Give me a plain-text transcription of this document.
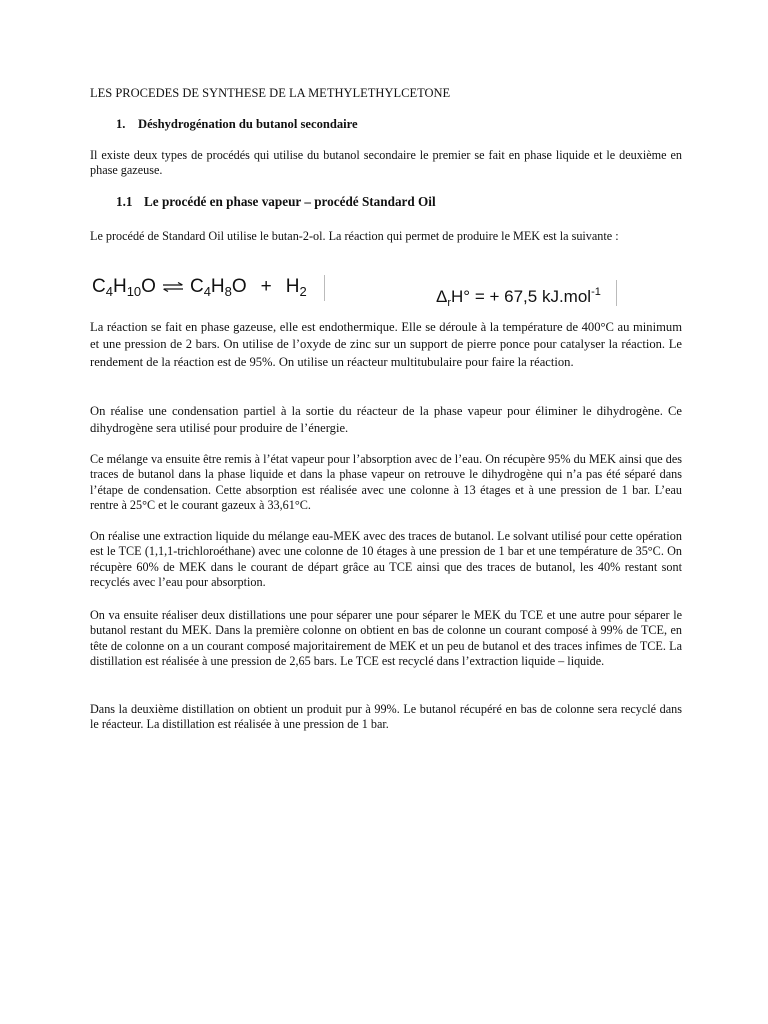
LES PROCEDES DE SYNTHESE DE LA METHYLETHYLCETONE

1. Déshydrogénation du butanol secondaire

Il existe deux types de procédés qui utilise du butanol secondaire le premier se fait en phase liquide et le deuxième en phase gazeuse.

1.1 Le procédé en phase vapeur – procédé Standard Oil

Le procédé de Standard Oil utilise le butan-2-ol. La réaction qui permet de produire le MEK est la suivante :

$C_4H_{10}O$ ⇌ $C_4H_8O + H_2$	$\Delta_rH^\circ$ = + 67,5 kJ.mol$^{-1}$

La réaction se fait en phase gazeuse, elle est endothermique. Elle se déroule à la température de 400°C au minimum et une pression de 2 bars. On utilise de l’oxyde de zinc sur un support de pierre ponce pour catalyser la réaction. Le rendement de la réaction est de 95%. On utilise un réacteur multitubulaire pour faire la réaction.

On réalise une condensation partiel à la sortie du réacteur de la phase vapeur pour éliminer le dihydrogène. Ce dihydrogène sera utilisé pour produire de l’énergie.

Ce mélange va ensuite être remis à l’état vapeur pour l’absorption avec de l’eau. On récupère 95% du MEK ainsi que des traces de butanol dans la phase liquide et dans la phase vapeur on retrouve le dihydrogène qui n’a pas été séparé dans l’étape de condensation. Cette absorption est réalisée avec une colonne à 13 étages et à une pression de 1 bar. L’eau rentre à 25°C et le courant gazeux à 33,61°C.

On réalise une extraction liquide du mélange eau-MEK avec des traces de butanol. Le solvant utilisé pour cette opération est le TCE (1,1,1-trichloroéthane) avec une colonne de 10 étages à une pression de 1 bar et une température de 35°C. On récupère 60% de MEK dans le courant de départ grâce au TCE ainsi que des traces de butanol, les 40% restant sont recyclés avec l’eau pour absorption.

On va ensuite réaliser deux distillations une pour séparer une pour séparer le MEK du TCE et une autre pour séparer le butanol restant du MEK. Dans la première colonne on obtient en bas de colonne un courant composé à 99% de TCE, en tête de colonne on a un courant composé majoritairement de MEK et un peu de butanol et des traces infimes de TCE. La distillation est réalisée à une pression de 2,65 bars. Le TCE est recyclé dans l’extraction liquide – liquide.

Dans la deuxième distillation on obtient un produit pur à 99%. Le butanol récupéré en bas de colonne sera recyclé dans le réacteur. La distillation est réalisée à une pression de 1 bar.
